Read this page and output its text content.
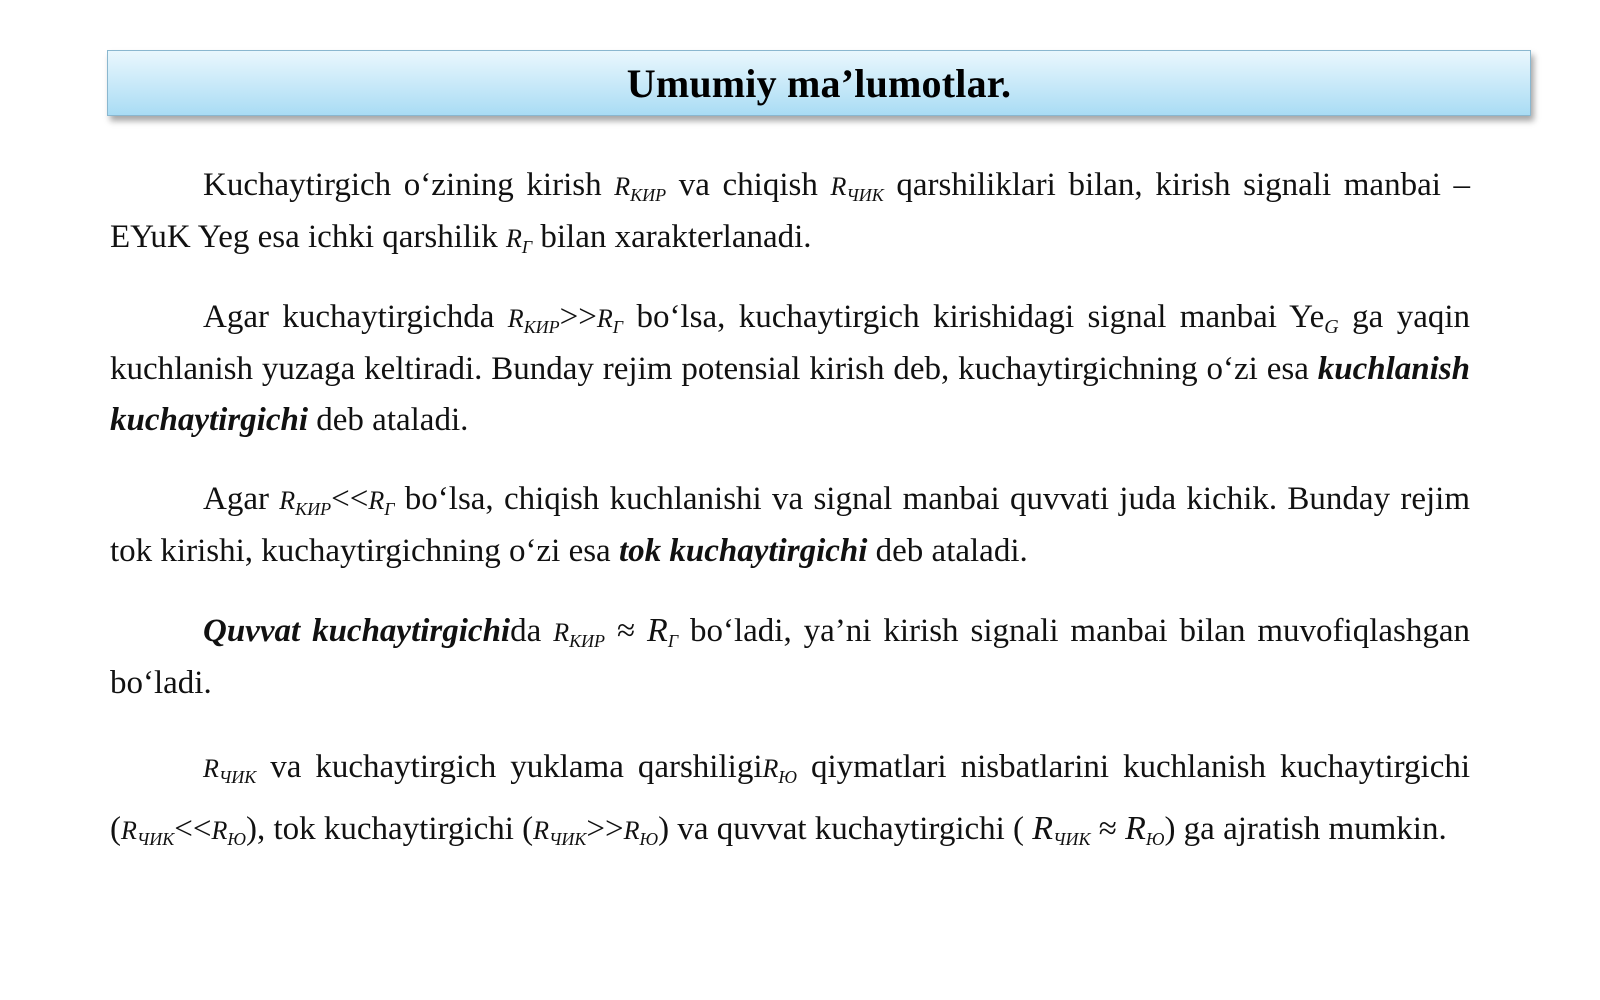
Umumiy ma’lumotlar.

Kuchaytirgich o‘zining kirish $R_{КИР}$ va chiqish $R_{ЧИК}$ qarshiliklari bilan, kirish signali manbai – EYuK Yeg esa ichki qarshilik $R_Г$ bilan xarakterlanadi.

Agar kuchaytirgichda $R_{КИР}>>R_Г$ bo‘lsa, kuchaytirgich kirishidagi signal manbai $Ye_G$ ga yaqin kuchlanish yuzaga keltiradi. Bunday rejim potensial kirish deb, kuchaytirgichning o‘zi esa kuchlanish kuchaytirgichi deb ataladi.

Agar $R_{КИР}<<R_Г$ bo‘lsa, chiqish kuchlanishi va signal manbai quvvati juda kichik. Bunday rejim tok kirishi, kuchaytirgichning o‘zi esa tok kuchaytirgichi deb ataladi.

Quvvat kuchaytirgichida $R_{КИР} \approx R_Г$ bo‘ladi, ya’ni kirish signali manbai bilan muvofiqlashgan bo‘ladi.

$R_{ЧИК}$ va kuchaytirgich yuklama qarshiligiR$_Ю$ qiymatlari nisbatlarini kuchlanish kuchaytirgichi $(R_{ЧИК}<<R_Ю)$, tok kuchaytirgichi $(R_{ЧИК}>>R_Ю)$ va quvvat kuchaytirgichi ( $R_{ЧИК} \approx R_Ю$) ga ajratish mumkin.
